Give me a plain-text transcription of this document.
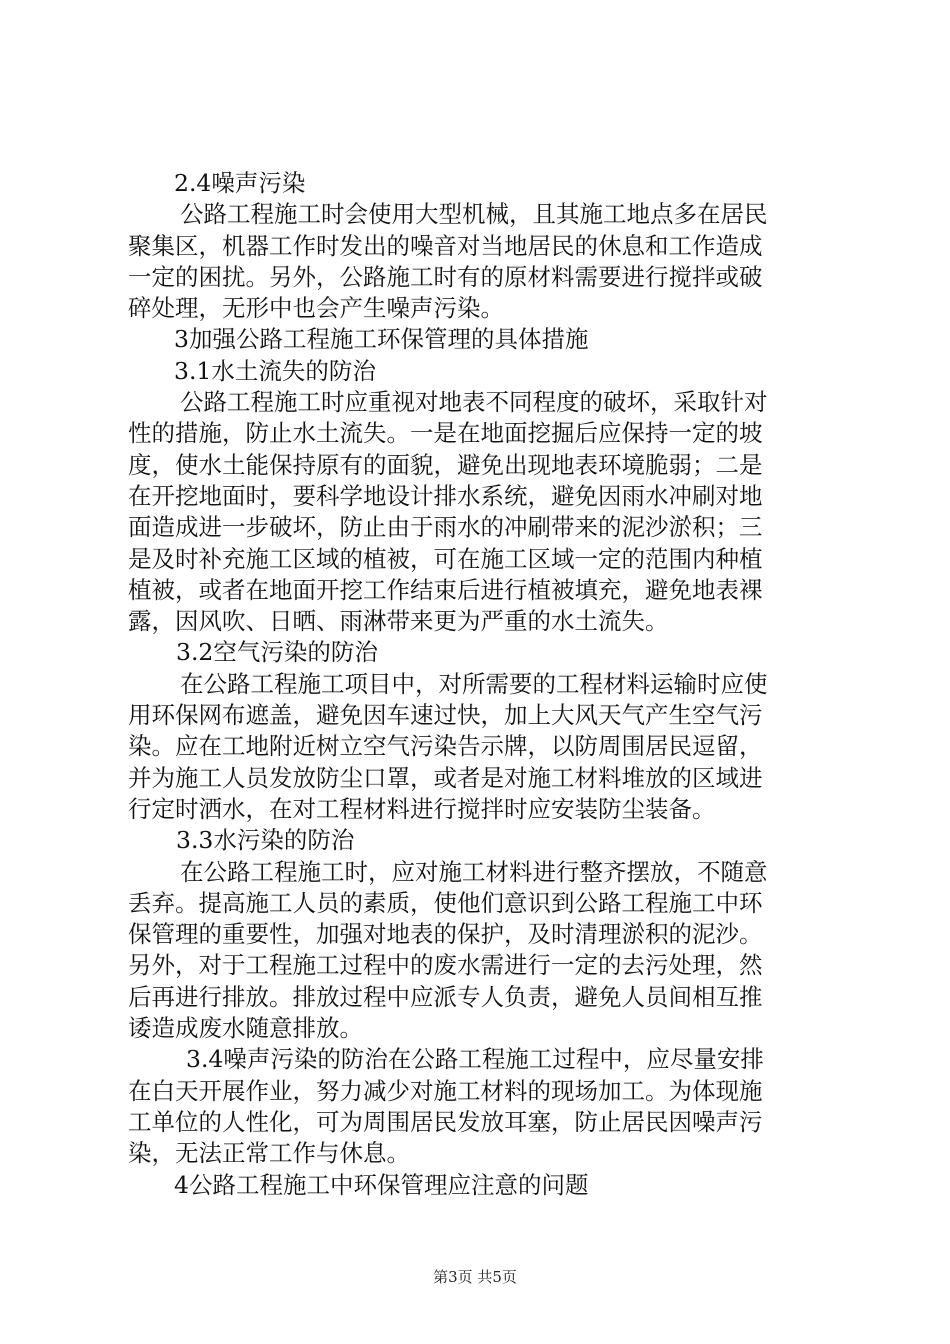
2.4噪声污染
公路工程施工时会使用大型机械，且其施工地点多在居民
聚集区，机器工作时发出的噪音对当地居民的休息和工作造成
一定的困扰。另外，公路施工时有的原材料需要进行搅拌或破
碎处理，无形中也会产生噪声污染。
3加强公路工程施工环保管理的具体措施
3.1水土流失的防治
公路工程施工时应重视对地表不同程度的破坏，采取针对
性的措施，防止水土流失。一是在地面挖掘后应保持一定的坡
度，使水土能保持原有的面貌，避免出现地表环境脆弱；二是
在开挖地面时，要科学地设计排水系统，避免因雨水冲刷对地
面造成进一步破坏，防止由于雨水的冲刷带来的泥沙淤积；三
是及时补充施工区域的植被，可在施工区域一定的范围内种植
植被，或者在地面开挖工作结束后进行植被填充，避免地表裸
露，因风吹、日晒、雨淋带来更为严重的水土流失。
3.2空气污染的防治
在公路工程施工项目中，对所需要的工程材料运输时应使
用环保网布遮盖，避免因车速过快，加上大风天气产生空气污
染。应在工地附近树立空气污染告示牌，以防周围居民逗留，
并为施工人员发放防尘口罩，或者是对施工材料堆放的区域进
行定时洒水，在对工程材料进行搅拌时应安装防尘装备。
3.3水污染的防治
在公路工程施工时，应对施工材料进行整齐摆放，不随意
丢弃。提高施工人员的素质，使他们意识到公路工程施工中环
保管理的重要性，加强对地表的保护，及时清理淤积的泥沙。
另外，对于工程施工过程中的废水需进行一定的去污处理，然
后再进行排放。排放过程中应派专人负责，避免人员间相互推
诿造成废水随意排放。
3.4噪声污染的防治在公路工程施工过程中，应尽量安排
在白天开展作业，努力减少对施工材料的现场加工。为体现施
工单位的人性化，可为周围居民发放耳塞，防止居民因噪声污
染，无法正常工作与休息。
4公路工程施工中环保管理应注意的问题
第3页 共5页
